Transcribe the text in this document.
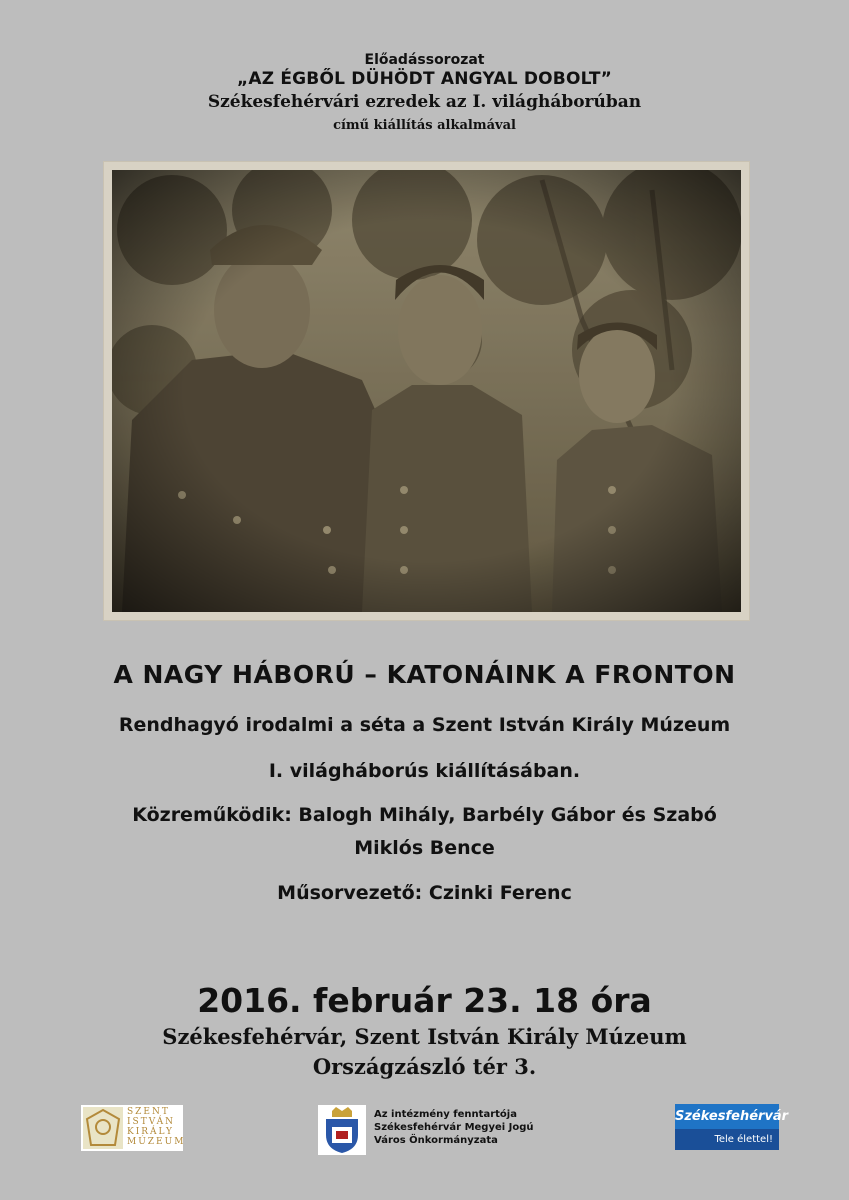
Előadássorozat
„AZ ÉGBŐL DÜHÖDT ANGYAL DOBOLT”
Székesfehérvári ezredek az I. világháborúban
című kiállítás alkalmával
A NAGY HÁBORÚ – KATONÁINK A FRONTON
Rendhagyó irodalmi a séta a Szent István Király Múzeum
I. világháborús kiállításában.
Közreműködik: Balogh Mihály, Barbély Gábor és Szabó
Miklós Bence
Műsorvezető: Czinki Ferenc
2016. február 23. 18 óra
Székesfehérvár, Szent István Király Múzeum
Országzászló tér 3.
SZENT
ISTVÁN
KIRÁLY
MÚZEUM
Az intézmény fenntartója
Székesfehérvár Megyei Jogú
Város Önkormányzata
Székesfehérvár
Tele élettel!
